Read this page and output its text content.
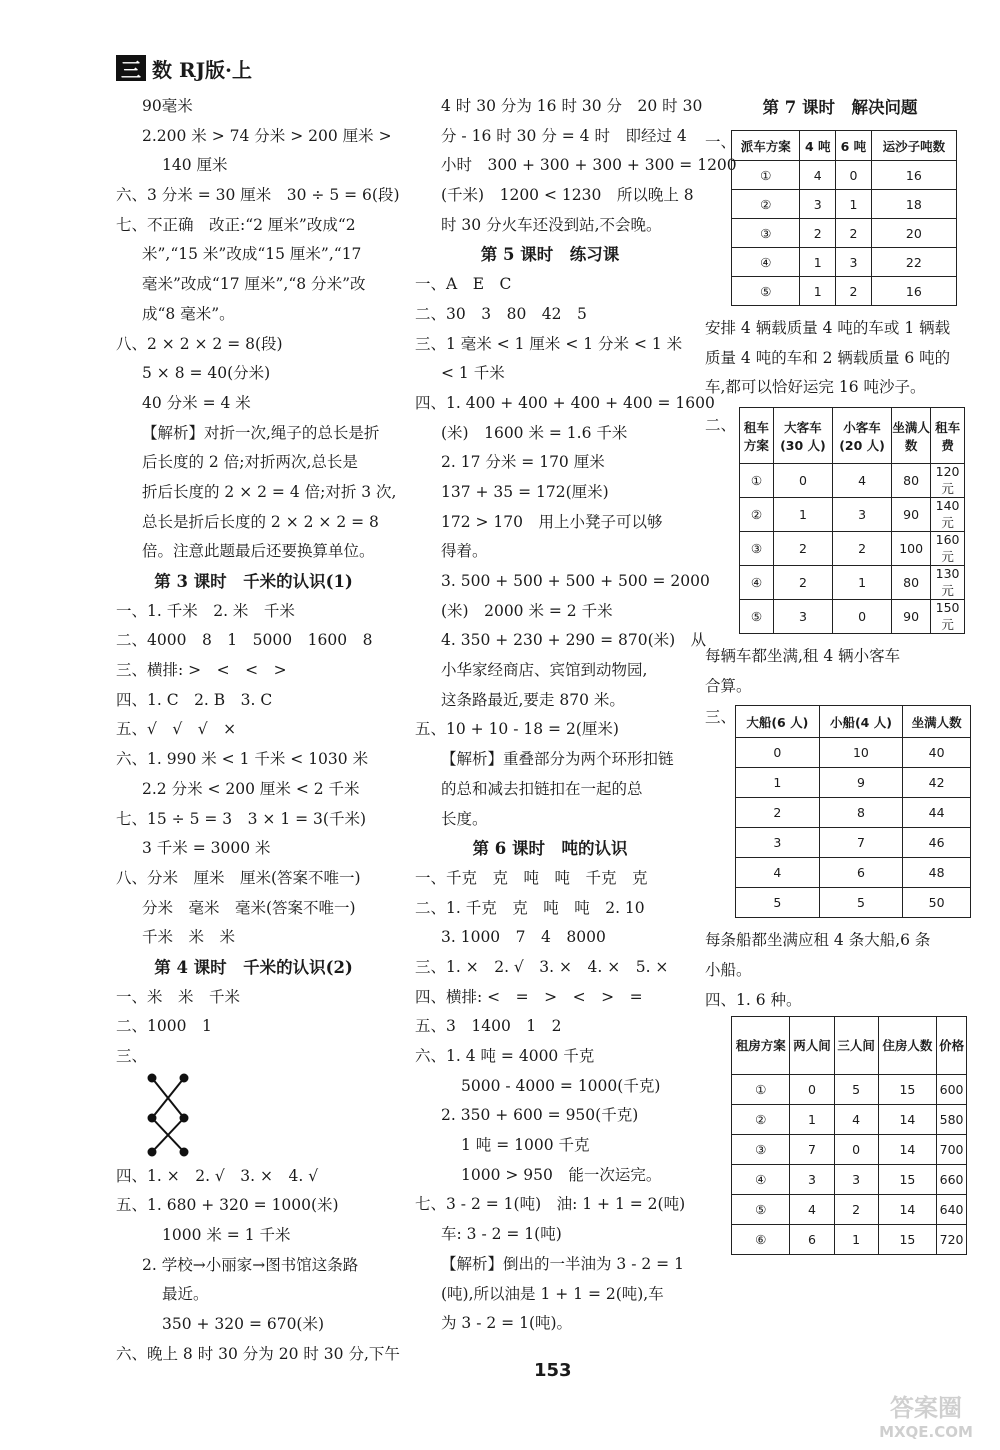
三 数 RJ版·上
90毫米
2.200 米 > 74 分米 > 200 厘米 >
140 厘米
六、3 分米 = 30 厘米　30 ÷ 5 = 6(段)
七、不正确　改正:“2 厘米”改成“2
米”,“15 米”改成“15 厘米”,“17
毫米”改成“17 厘米”,“8 分米”改
成“8 毫米”。
八、2 × 2 × 2 = 8(段)
5 × 8 = 40(分米)
40 分米 = 4 米
【解析】对折一次,绳子的总长是折
后长度的 2 倍;对折两次,总长是
折后长度的 2 × 2 = 4 倍;对折 3 次,
总长是折后长度的 2 × 2 × 2 = 8
倍。注意此题最后还要换算单位。
第 3 课时　千米的认识(1)
一、1. 千米　2. 米　千米
二、4000　8　1　5000　1600　8
三、横排: >　<　<　>
四、1. C　2. B　3. C
五、√　√　√　×
六、1. 990 米 < 1 千米 < 1030 米
2.2 分米 < 200 厘米 < 2 千米
七、15 ÷ 5 = 3　3 × 1 = 3(千米)
3 千米 = 3000 米
八、分米　厘米　厘米(答案不唯一)
分米　毫米　毫米(答案不唯一)
千米　米　米
第 4 课时　千米的认识(2)
一、米　米　千米
二、1000　1
三、
四、1. ×　2. √　3. ×　4. √
五、1. 680 + 320 = 1000(米)
1000 米 = 1 千米
2. 学校→小丽家→图书馆这条路
最近。
350 + 320 = 670(米)
六、晚上 8 时 30 分为 20 时 30 分,下午
4 时 30 分为 16 时 30 分　20 时 30
分 - 16 时 30 分 = 4 时　即经过 4
小时　300 + 300 + 300 + 300 = 1200
(千米)　1200 < 1230　所以晚上 8
时 30 分火车还没到站,不会晚。
第 5 课时　练习课
一、A　E　C
二、30　3　80　42　5
三、1 毫米 < 1 厘米 < 1 分米 < 1 米
< 1 千米
四、1. 400 + 400 + 400 + 400 = 1600
(米)　1600 米 = 1.6 千米
2. 17 分米 = 170 厘米
137 + 35 = 172(厘米)
172 > 170　用上小凳子可以够
得着。
3. 500 + 500 + 500 + 500 = 2000
(米)　2000 米 = 2 千米
4. 350 + 230 + 290 = 870(米)　从
小华家经商店、宾馆到动物园,
这条路最近,要走 870 米。
五、10 + 10 - 18 = 2(厘米)
【解析】重叠部分为两个环形扣链
的总和减去扣链扣在一起的总
长度。
第 6 课时　吨的认识
一、千克　克　吨　吨　千克　克
二、1. 千克　克　吨　吨　2. 10
3. 1000　7　4　8000
三、1. ×　2. √　3. ×　4. ×　5. ×
四、横排: <　=　>　<　>　=
五、3　1400　1　2
六、1. 4 吨 = 4000 千克
5000 - 4000 = 1000(千克)
2. 350 + 600 = 950(千克)
1 吨 = 1000 千克
1000 > 950　能一次运完。
七、3 - 2 = 1(吨)　油: 1 + 1 = 2(吨)
车: 3 - 2 = 1(吨)
【解析】倒出的一半油为 3 - 2 = 1
(吨),所以油是 1 + 1 = 2(吨),车
为 3 - 2 = 1(吨)。
第 7 课时　解决问题
一、 派车方案	4 吨	6 吨	运沙子吨数
①	4	0	16
②	3	1	18
③	2	2	20
④	1	3	22
⑤	1	2	16
安排 4 辆载质量 4 吨的车或 1 辆载
质量 4 吨的车和 2 辆载质量 6 吨的
车,都可以恰好运完 16 吨沙子。
二、 租车方案	大客车 (30 人)	小客车 (20 人)	坐满人数	租车费
①	0	4	80	120 元
②	1	3	90	140 元
③	2	2	100	160 元
④	2	1	80	130 元
⑤	3	0	90	150 元
每辆车都坐满,租 4 辆小客车
合算。
三、 大船(6 人)	小船(4 人)	坐满人数
0	10	40
1	9	42
2	8	44
3	7	46
4	6	48
5	5	50
每条船都坐满应租 4 条大船,6 条
小船。
四、1. 6 种。
租房方案	两人间	三人间	住房人数	价格
①	0	5	15	600
②	1	4	14	580
③	7	0	14	700
④	3	3	15	660
⑤	4	2	14	640
⑥	6	1	15	720
153
答案圈
MXQE.COM
